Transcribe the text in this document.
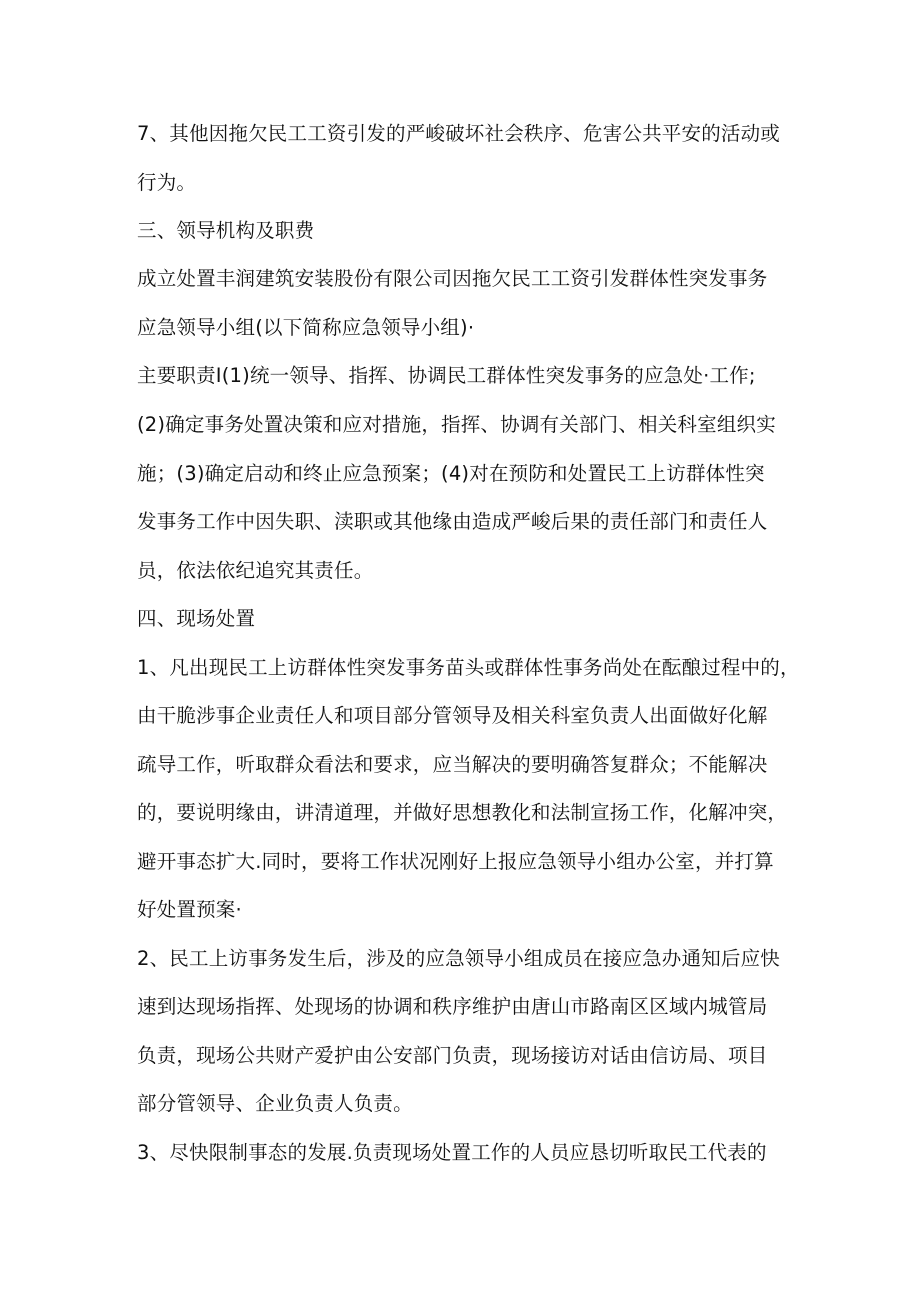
7、其他因拖欠民工工资引发的严峻破坏社会秩序、危害公共平安的活动或

行为。

三、领导机构及职费

成立处置丰润建筑安装股份有限公司因拖欠民工工资引发群体性突发事务

应急领导小组(以下简称应急领导小组)·

主要职责I(1)统一领导、指挥、协调民工群体性突发事务的应急处·工作;

(2)确定事务处置决策和应对措施，指挥、协调有关部门、相关科室组织实

施；(3)确定启动和终止应急预案；(4)对在预防和处置民工上访群体性突

发事务工作中因失职、渎职或其他缘由造成严峻后果的责任部门和责任人

员，依法依纪追究其责任。

四、现场处置

1、凡出现民工上访群体性突发事务苗头或群体性事务尚处在酝酿过程中的，

由干脆涉事企业责任人和项目部分管领导及相关科室负责人出面做好化解

疏导工作，听取群众看法和要求，应当解决的要明确答复群众；不能解决

的，要说明缘由，讲清道理，并做好思想教化和法制宣扬工作，化解冲突，

避开事态扩大.同时，要将工作状况刚好上报应急领导小组办公室，并打算

好处置预案·

2、民工上访事务发生后，涉及的应急领导小组成员在接应急办通知后应快

速到达现场指挥、处现场的协调和秩序维护由唐山市路南区区域内城管局

负责，现场公共财产爱护由公安部门负责，现场接访对话由信访局、项目

部分管领导、企业负责人负责。

3、尽快限制事态的发展.负责现场处置工作的人员应恳切听取民工代表的
